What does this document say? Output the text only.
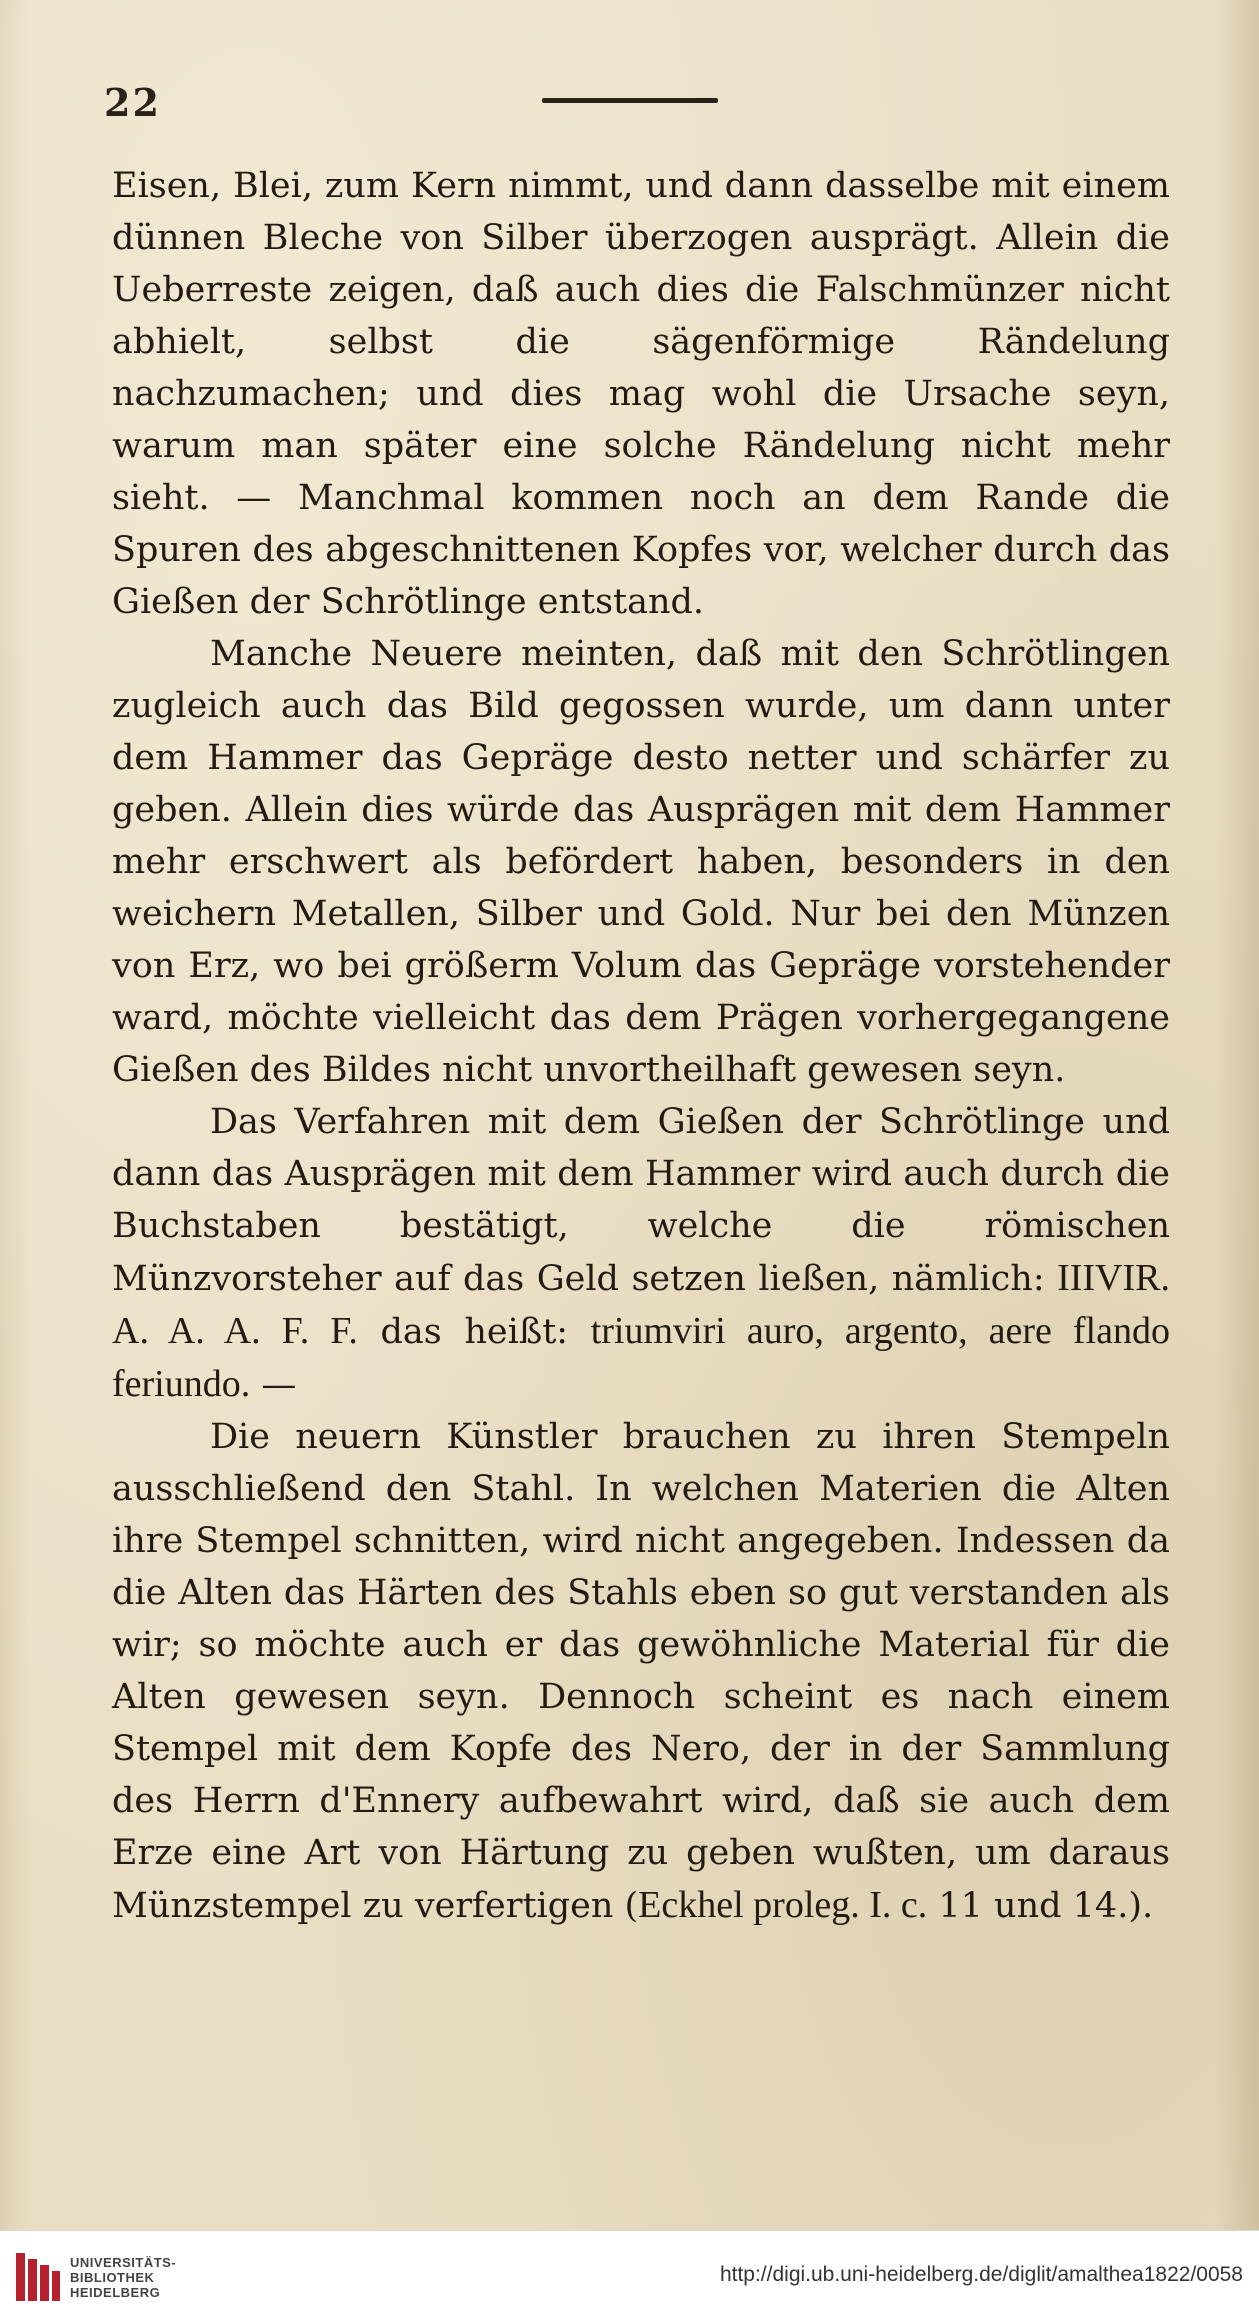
22

Eisen, Blei, zum Kern nimmt, und dann dasselbe mit einem dünnen Bleche von Silber überzogen ausprägt. Allein die Ueberreste zeigen, daß auch dies die Falschmünzer nicht abhielt, selbst die sägenförmige Rändelung nachzumachen; und dies mag wohl die Ursache seyn, warum man später eine solche Rändelung nicht mehr sieht. — Manchmal kommen noch an dem Rande die Spuren des abgeschnittenen Kopfes vor, welcher durch das Gießen der Schrötlinge entstand.

Manche Neuere meinten, daß mit den Schrötlingen zugleich auch das Bild gegossen wurde, um dann unter dem Hammer das Gepräge desto netter und schärfer zu geben. Allein dies würde das Ausprägen mit dem Hammer mehr erschwert als befördert haben, besonders in den weichern Metallen, Silber und Gold. Nur bei den Münzen von Erz, wo bei größerm Volum das Gepräge vorstehender ward, möchte vielleicht das dem Prägen vorhergegangene Gießen des Bildes nicht unvortheilhaft gewesen seyn.

Das Verfahren mit dem Gießen der Schrötlinge und dann das Ausprägen mit dem Hammer wird auch durch die Buchstaben bestätigt, welche die römischen Münzvorsteher auf das Geld setzen ließen, nämlich: IIIVIR. A. A. A. F. F. das heißt: triumviri auro, argento, aere flando feriundo. —

Die neuern Künstler brauchen zu ihren Stempeln ausschließend den Stahl. In welchen Materien die Alten ihre Stempel schnitten, wird nicht angegeben. Indessen da die Alten das Härten des Stahls eben so gut verstanden als wir; so möchte auch er das gewöhnliche Material für die Alten gewesen seyn. Dennoch scheint es nach einem Stempel mit dem Kopfe des Nero, der in der Sammlung des Herrn d'Ennery aufbewahrt wird, daß sie auch dem Erze eine Art von Härtung zu geben wußten, um daraus Münzstempel zu verfertigen (Eckhel proleg. I. c. 11 und 14.).

UNIVERSITÄTS-
BIBLIOTHEK
HEIDELBERG
http://digi.ub.uni-heidelberg.de/diglit/amalthea1822/0058
